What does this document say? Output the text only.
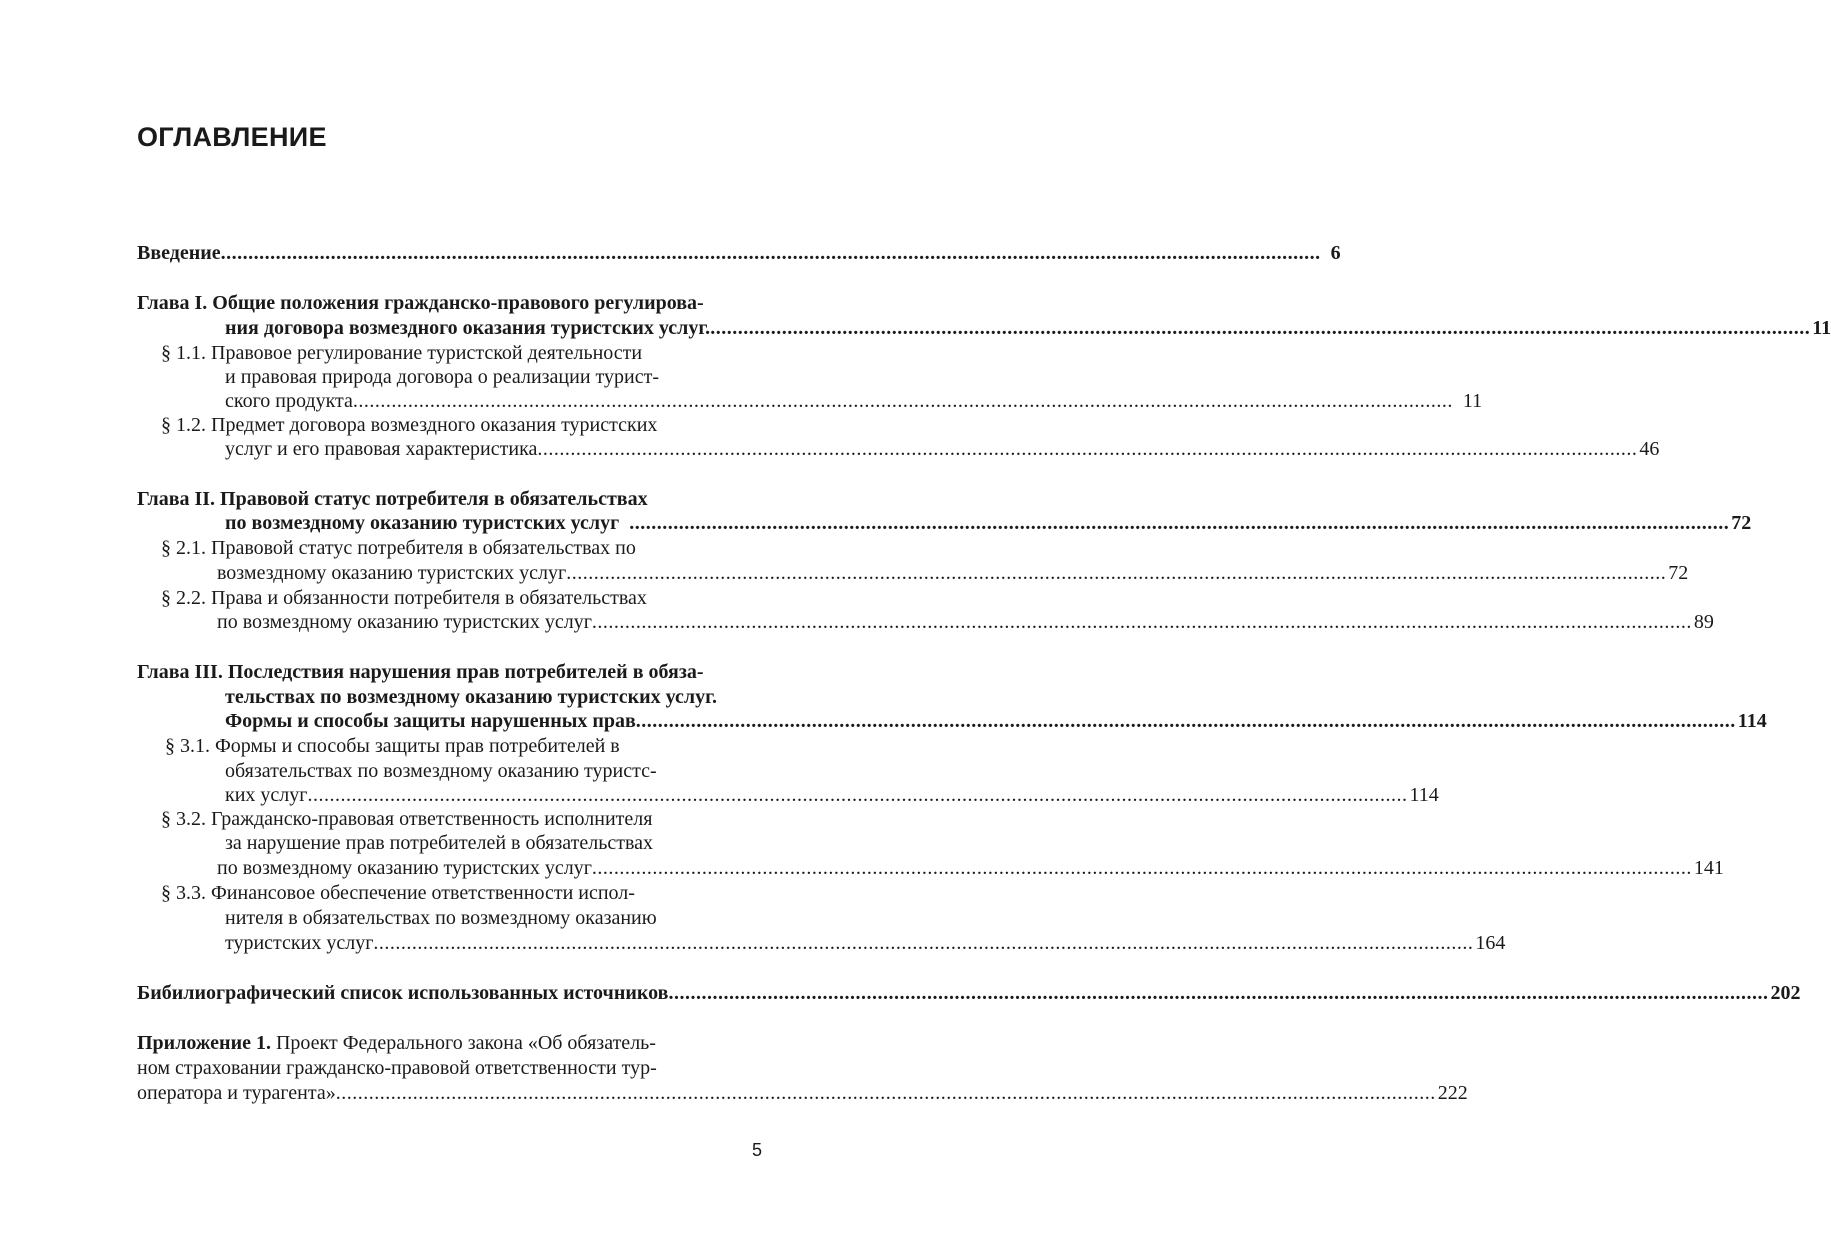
ОГЛАВЛЕНИЕ
Введение ........................................................................................................................................................................................................ 6
Глава I. Общие положения гражданско-правового регулирова-
ния договора возмездного оказания туристских услуг. ........................................................................................................................................................................................................ 11
§ 1.1. Правовое регулирование туристской деятельности
и правовая природа договора о реализации турист-
ского продукта ........................................................................................................................................................................................................ 11
§ 1.2. Предмет договора возмездного оказания туристских
услуг и его правовая характеристика ........................................................................................................................................................................................................ 46
Глава II. Правовой статус потребителя в обязательствах
по возмездному оказанию туристских услуг ........................................................................................................................................................................................................ 72
§ 2.1. Правовой статус потребителя в обязательствах по
возмездному оказанию туристских услуг ........................................................................................................................................................................................................ 72
§ 2.2. Права и обязанности потребителя в обязательствах
по возмездному оказанию туристских услуг ........................................................................................................................................................................................................ 89
Глава III. Последствия нарушения прав потребителей в обяза-
тельствах по возмездному оказанию туристских услуг.
Формы и способы защиты нарушенных прав ........................................................................................................................................................................................................ 114
§ 3.1. Формы и способы защиты прав потребителей в
обязательствах по возмездному оказанию туристс-
ких услуг ........................................................................................................................................................................................................ 114
§ 3.2. Гражданско-правовая ответственность исполнителя
за нарушение прав потребителей в обязательствах
по возмездному оказанию туристских услуг ........................................................................................................................................................................................................ 141
§ 3.3. Финансовое обеспечение ответственности испол-
нителя в обязательствах по возмездному оказанию
туристских услуг ........................................................................................................................................................................................................ 164
Бибилиографический список использованных источников ........................................................................................................................................................................................................ 202
Приложение 1. Проект Федерального закона «Об обязатель-
ном страховании гражданско-правовой ответственности тур-
оператора и турагента» ........................................................................................................................................................................................................ 222

5
